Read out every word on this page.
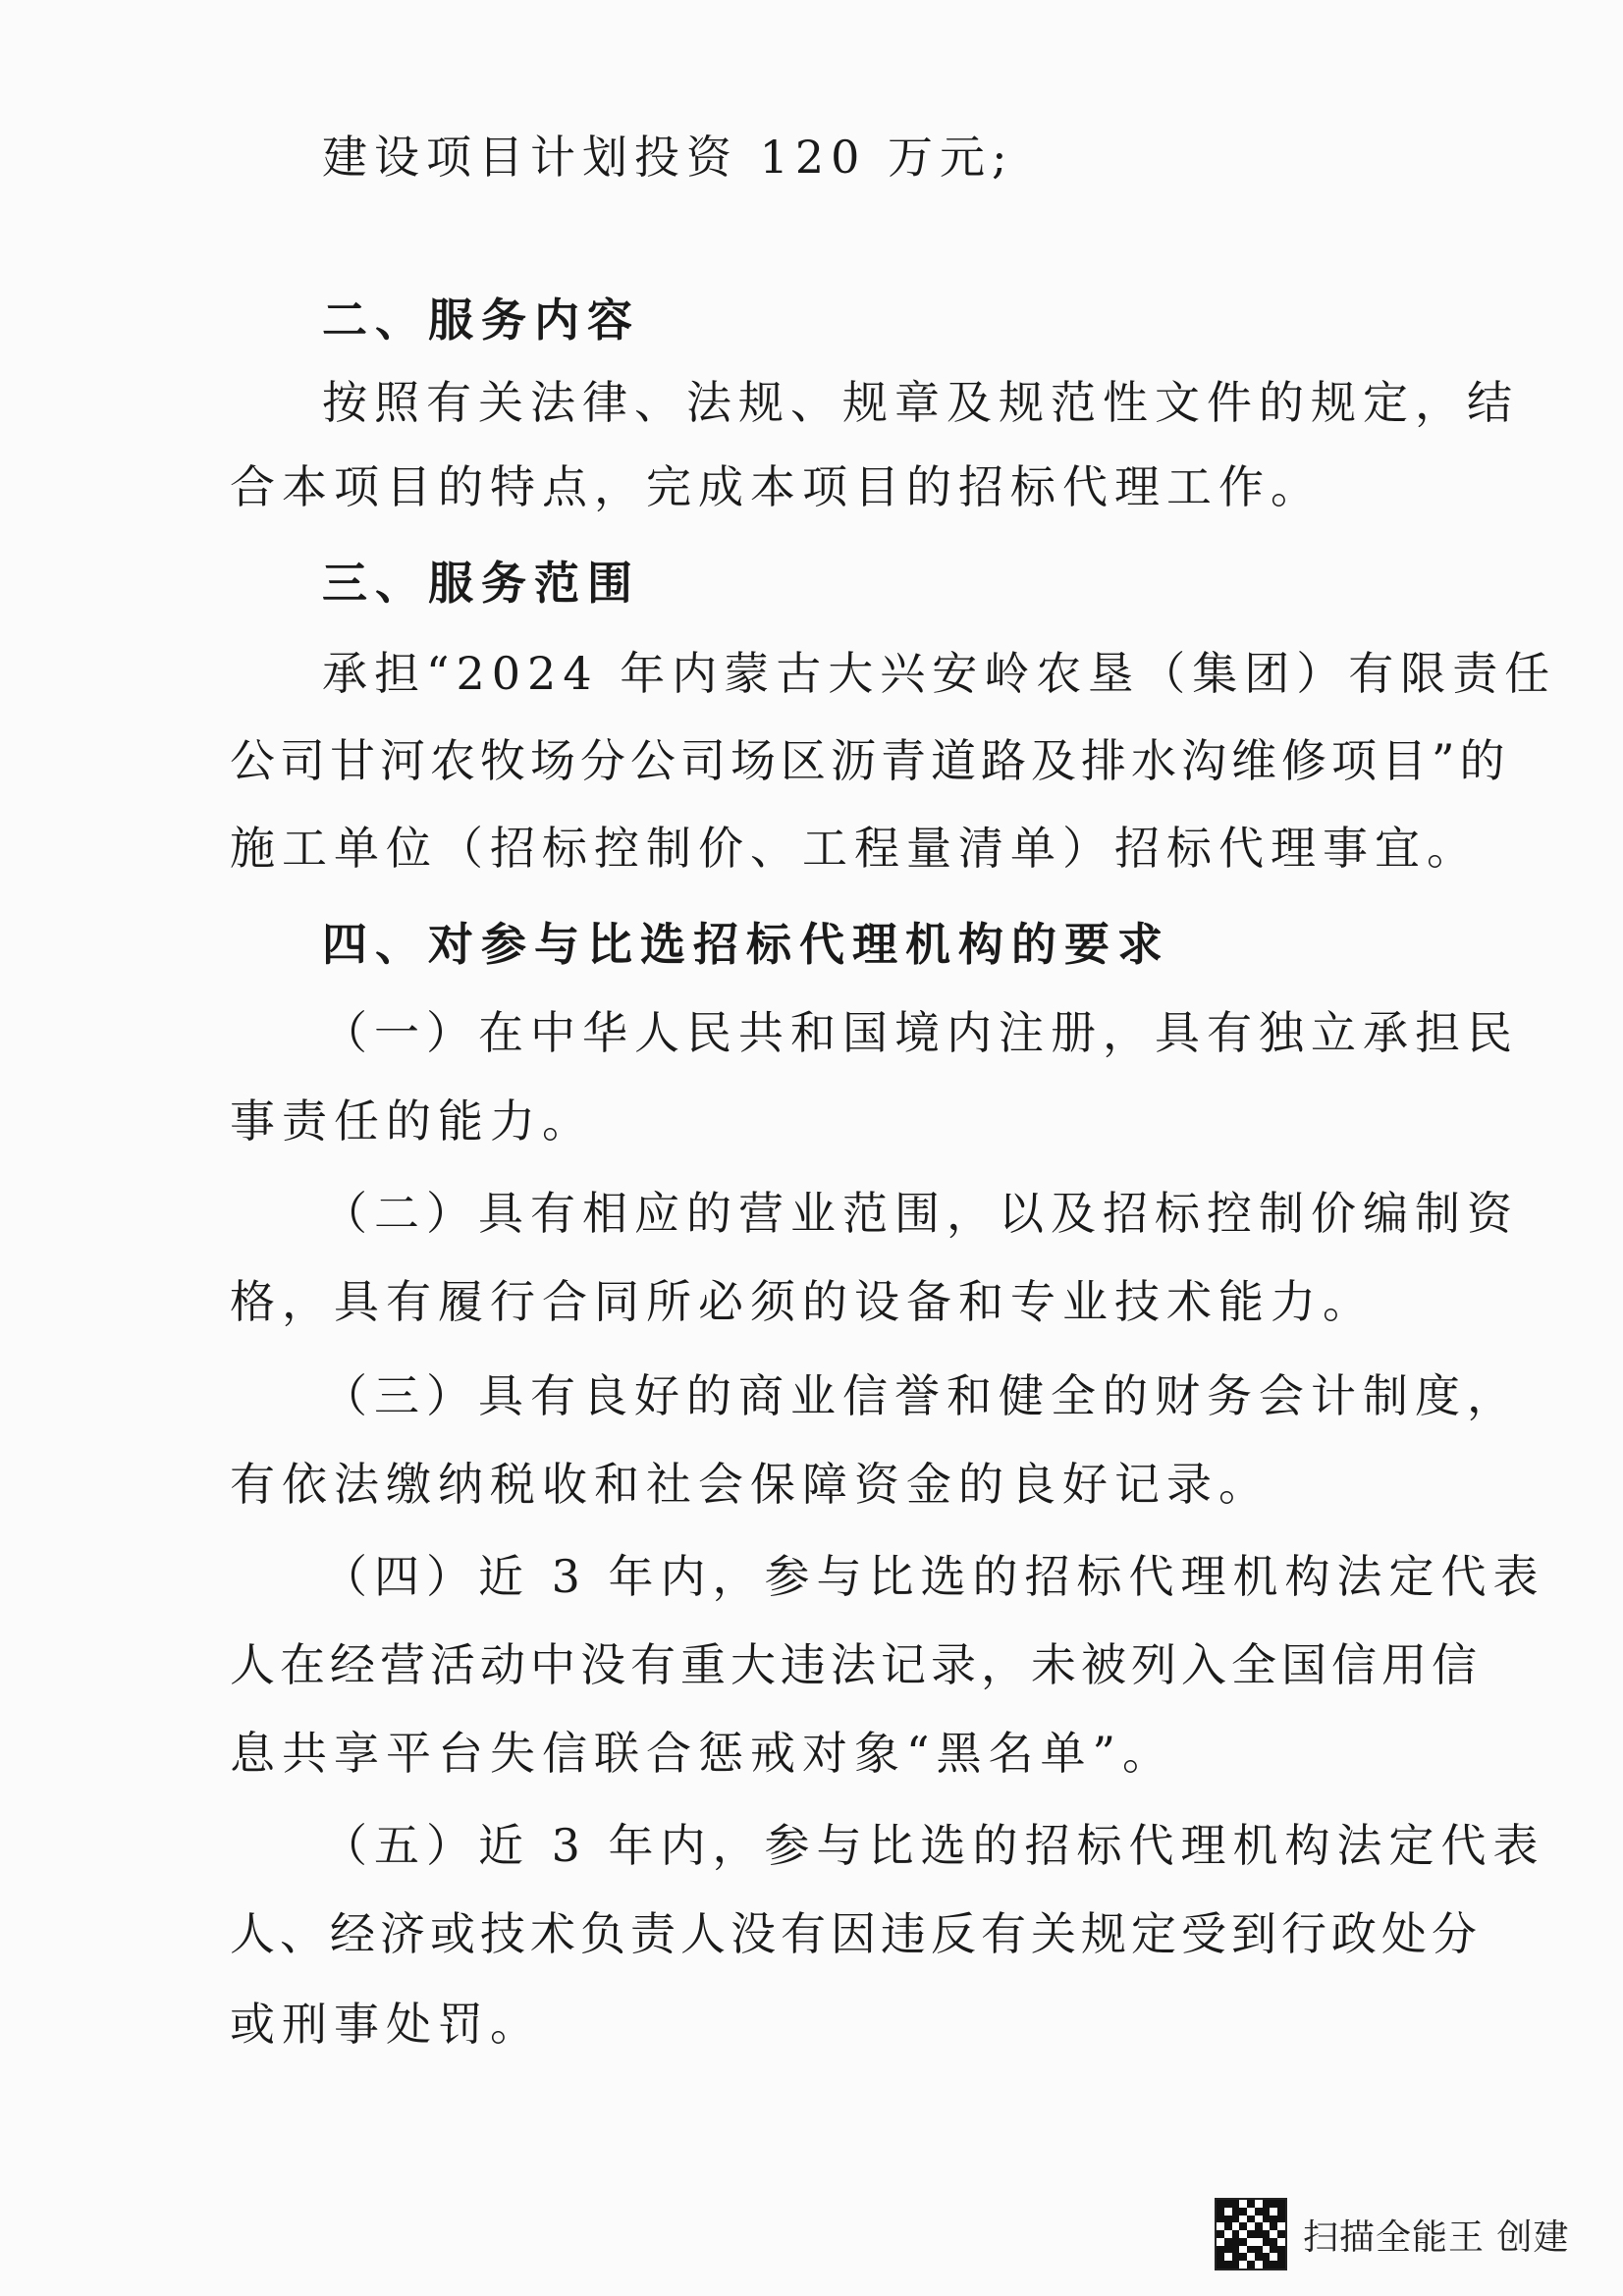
建设项目计划投资 120 万元;
二、服务内容
按照有关法律、法规、规章及规范性文件的规定，结
合本项目的特点，完成本项目的招标代理工作。
三、服务范围
承担“2024 年内蒙古大兴安岭农垦（集团）有限责任
公司甘河农牧场分公司场区沥青道路及排水沟维修项目”的
施工单位（招标控制价、工程量清单）招标代理事宜。
四、对参与比选招标代理机构的要求
（一）在中华人民共和国境内注册，具有独立承担民
事责任的能力。
（二）具有相应的营业范围，以及招标控制价编制资
格，具有履行合同所必须的设备和专业技术能力。
（三）具有良好的商业信誉和健全的财务会计制度，
有依法缴纳税收和社会保障资金的良好记录。
（四）近 3 年内，参与比选的招标代理机构法定代表
人在经营活动中没有重大违法记录，未被列入全国信用信
息共享平台失信联合惩戒对象“黑名单”。
（五）近 3 年内，参与比选的招标代理机构法定代表
人、经济或技术负责人没有因违反有关规定受到行政处分
或刑事处罚。
扫描全能王 创建
